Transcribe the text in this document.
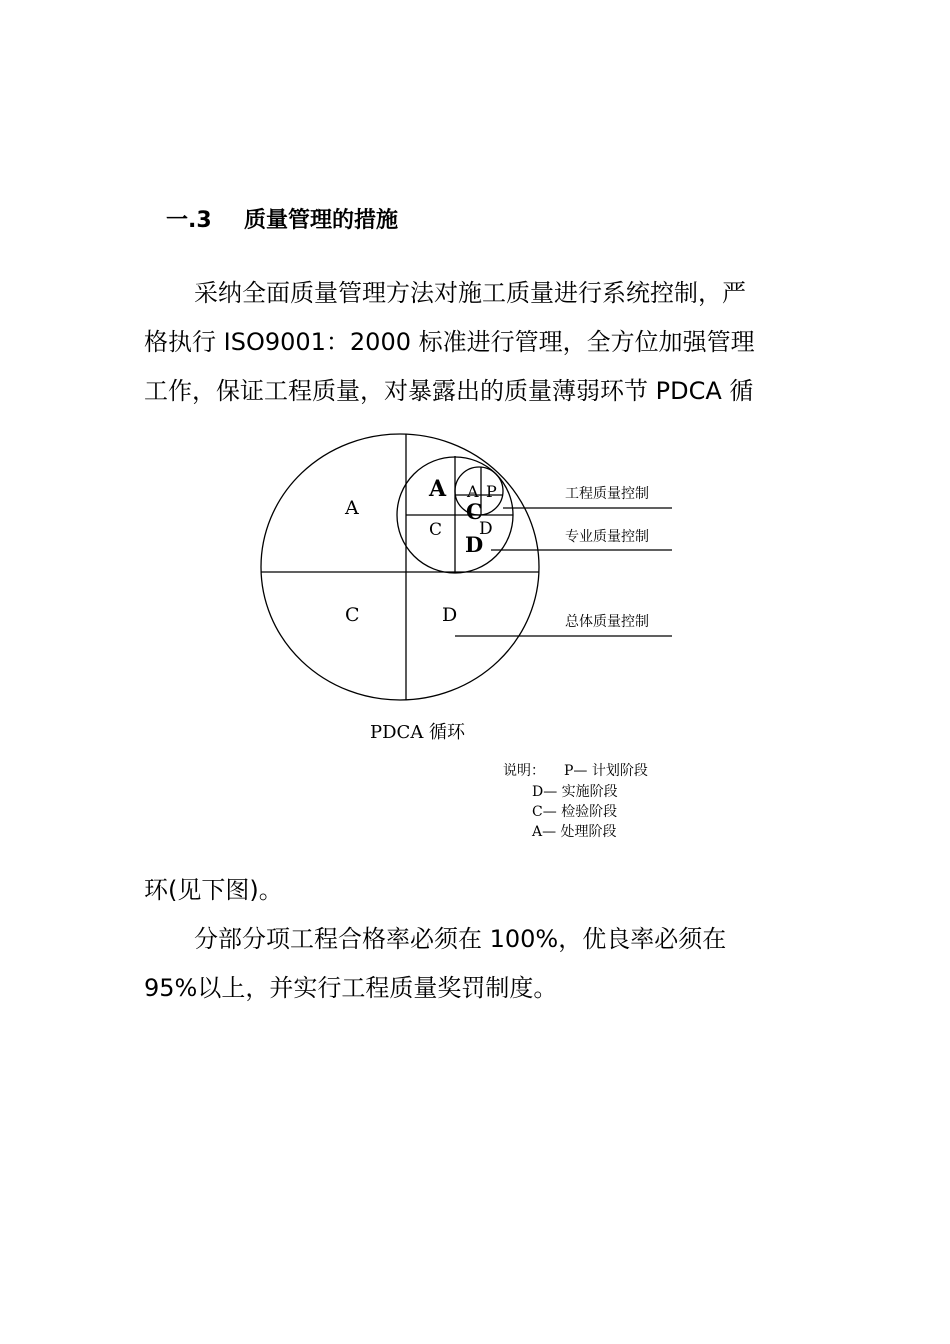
一.3 质量管理的措施
采纳全面质量管理方法对施工质量进行系统控制，严
格执行 ISO9001：2000 标准进行管理，全方位加强管理
工作，保证工程质量，对暴露出的质量薄弱环节 PDCA 循
A
C	D
A
C
D
A P
C
D
工程质量控制
专业质量控制
总体质量控制
PDCA 循环
说明： P— 计划阶段
D— 实施阶段
C— 检验阶段
A— 处理阶段
环(见下图)。
分部分项工程合格率必须在 100%，优良率必须在
95%以上，并实行工程质量奖罚制度。
